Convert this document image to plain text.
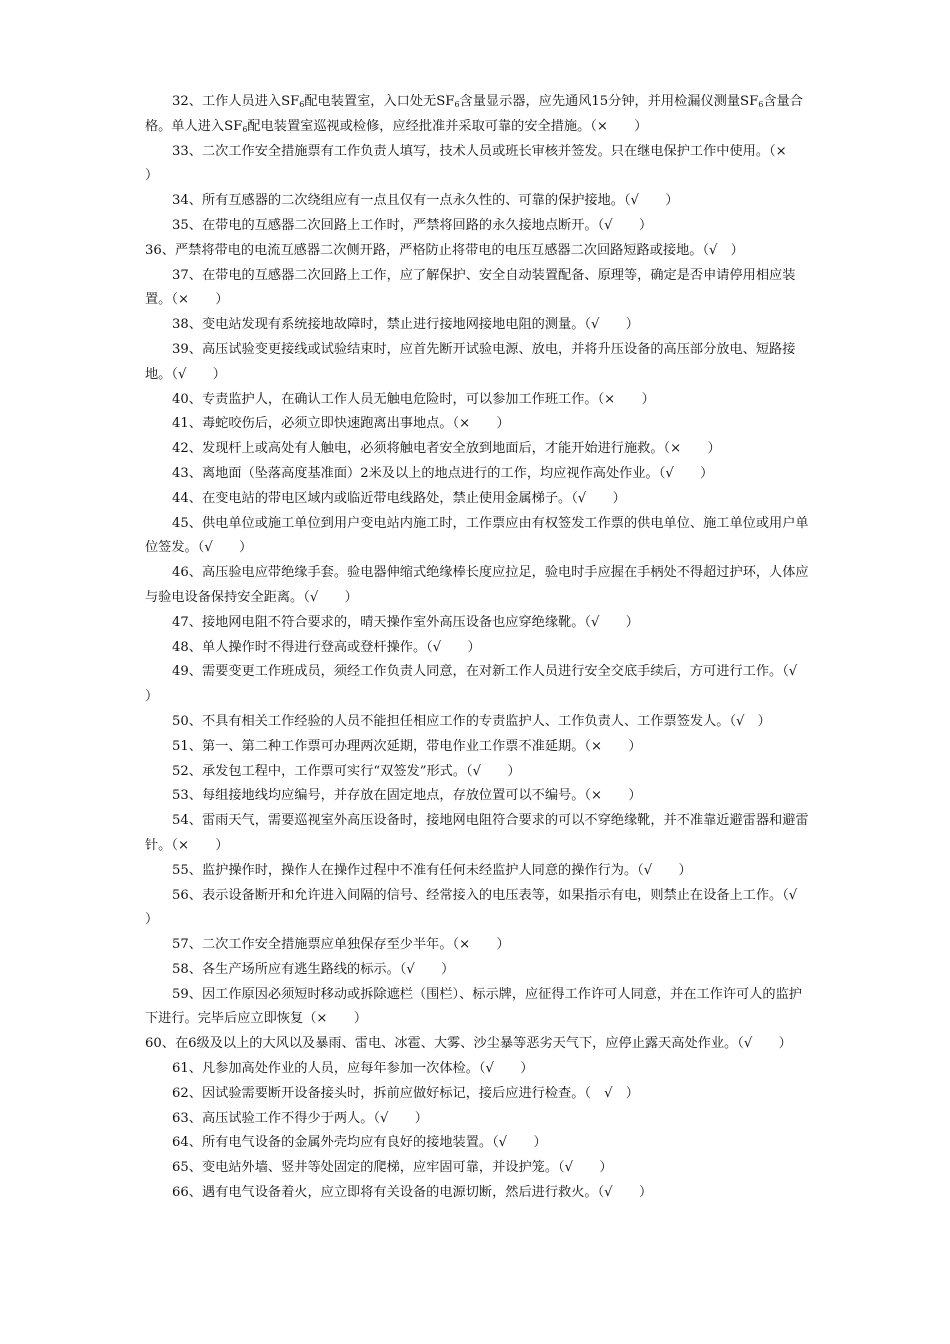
32、工作人员进入$SF_6$配电装置室，入口处无$SF_6$含量显示器，应先通风15分钟，并用检漏仪测量$SF_6$含量合格。单人进入$SF_6$配电装置室巡视或检修，应经批准并采取可靠的安全措施。（×　　）

33、二次工作安全措施票有工作负责人填写，技术人员或班长审核并签发。只在继电保护工作中使用。（×　　）

34、所有互感器的二次绕组应有一点且仅有一点永久性的、可靠的保护接地。（√　　）

35、在带电的互感器二次回路上工作时，严禁将回路的永久接地点断开。（√　　）

36、严禁将带电的电流互感器二次侧开路，严格防止将带电的电压互感器二次回路短路或接地。（√　）

37、在带电的互感器二次回路上工作，应了解保护、安全自动装置配备、原理等，确定是否申请停用相应装置。（×　　）

38、变电站发现有系统接地故障时，禁止进行接地网接地电阻的测量。（√　　）

39、高压试验变更接线或试验结束时，应首先断开试验电源、放电，并将升压设备的高压部分放电、短路接地。（√　　）

40、专责监护人，在确认工作人员无触电危险时，可以参加工作班工作。（×　　）

41、毒蛇咬伤后，必须立即快速跑离出事地点。（×　　）

42、发现杆上或高处有人触电，必须将触电者安全放到地面后，才能开始进行施救。（×　　）

43、离地面（坠落高度基准面）2米及以上的地点进行的工作，均应视作高处作业。（√　　）

44、在变电站的带电区域内或临近带电线路处，禁止使用金属梯子。（√　　）

45、供电单位或施工单位到用户变电站内施工时，工作票应由有权签发工作票的供电单位、施工单位或用户单位签发。（√　　）

46、高压验电应带绝缘手套。验电器伸缩式绝缘棒长度应拉足，验电时手应握在手柄处不得超过护环，人体应与验电设备保持安全距离。（√　　）

47、接地网电阻不符合要求的，晴天操作室外高压设备也应穿绝缘靴。（√　　）

48、单人操作时不得进行登高或登杆操作。（√　　）

49、需要变更工作班成员，须经工作负责人同意，在对新工作人员进行安全交底手续后，方可进行工作。（√　　）

50、不具有相关工作经验的人员不能担任相应工作的专责监护人、工作负责人、工作票签发人。（√　）

51、第一、第二种工作票可办理两次延期，带电作业工作票不准延期。（×　　）

52、承发包工程中，工作票可实行“双签发”形式。（√　　）

53、每组接地线均应编号，并存放在固定地点，存放位置可以不编号。（×　　）

54、雷雨天气，需要巡视室外高压设备时，接地网电阻符合要求的可以不穿绝缘靴，并不准靠近避雷器和避雷针。（×　　）

55、监护操作时，操作人在操作过程中不准有任何未经监护人同意的操作行为。（√　　）

56、表示设备断开和允许进入间隔的信号、经常接入的电压表等，如果指示有电，则禁止在设备上工作。（√　　）

57、二次工作安全措施票应单独保存至少半年。（×　　）

58、各生产场所应有逃生路线的标示。（√　　）

59、因工作原因必须短时移动或拆除遮栏（围栏）、标示牌，应征得工作许可人同意，并在工作许可人的监护下进行。完毕后应立即恢复（×　　）

60、在6级及以上的大风以及暴雨、雷电、冰雹、大雾、沙尘暴等恶劣天气下，应停止露天高处作业。（√　　）

61、凡参加高处作业的人员，应每年参加一次体检。（√　　）

62、因试验需要断开设备接头时，拆前应做好标记，接后应进行检查。（　√　）

63、高压试验工作不得少于两人。（√　　）

64、所有电气设备的金属外壳均应有良好的接地装置。（√　　）

65、变电站外墙、竖井等处固定的爬梯，应牢固可靠，并设护笼。（√　　）

66、遇有电气设备着火，应立即将有关设备的电源切断，然后进行救火。（√　　）
